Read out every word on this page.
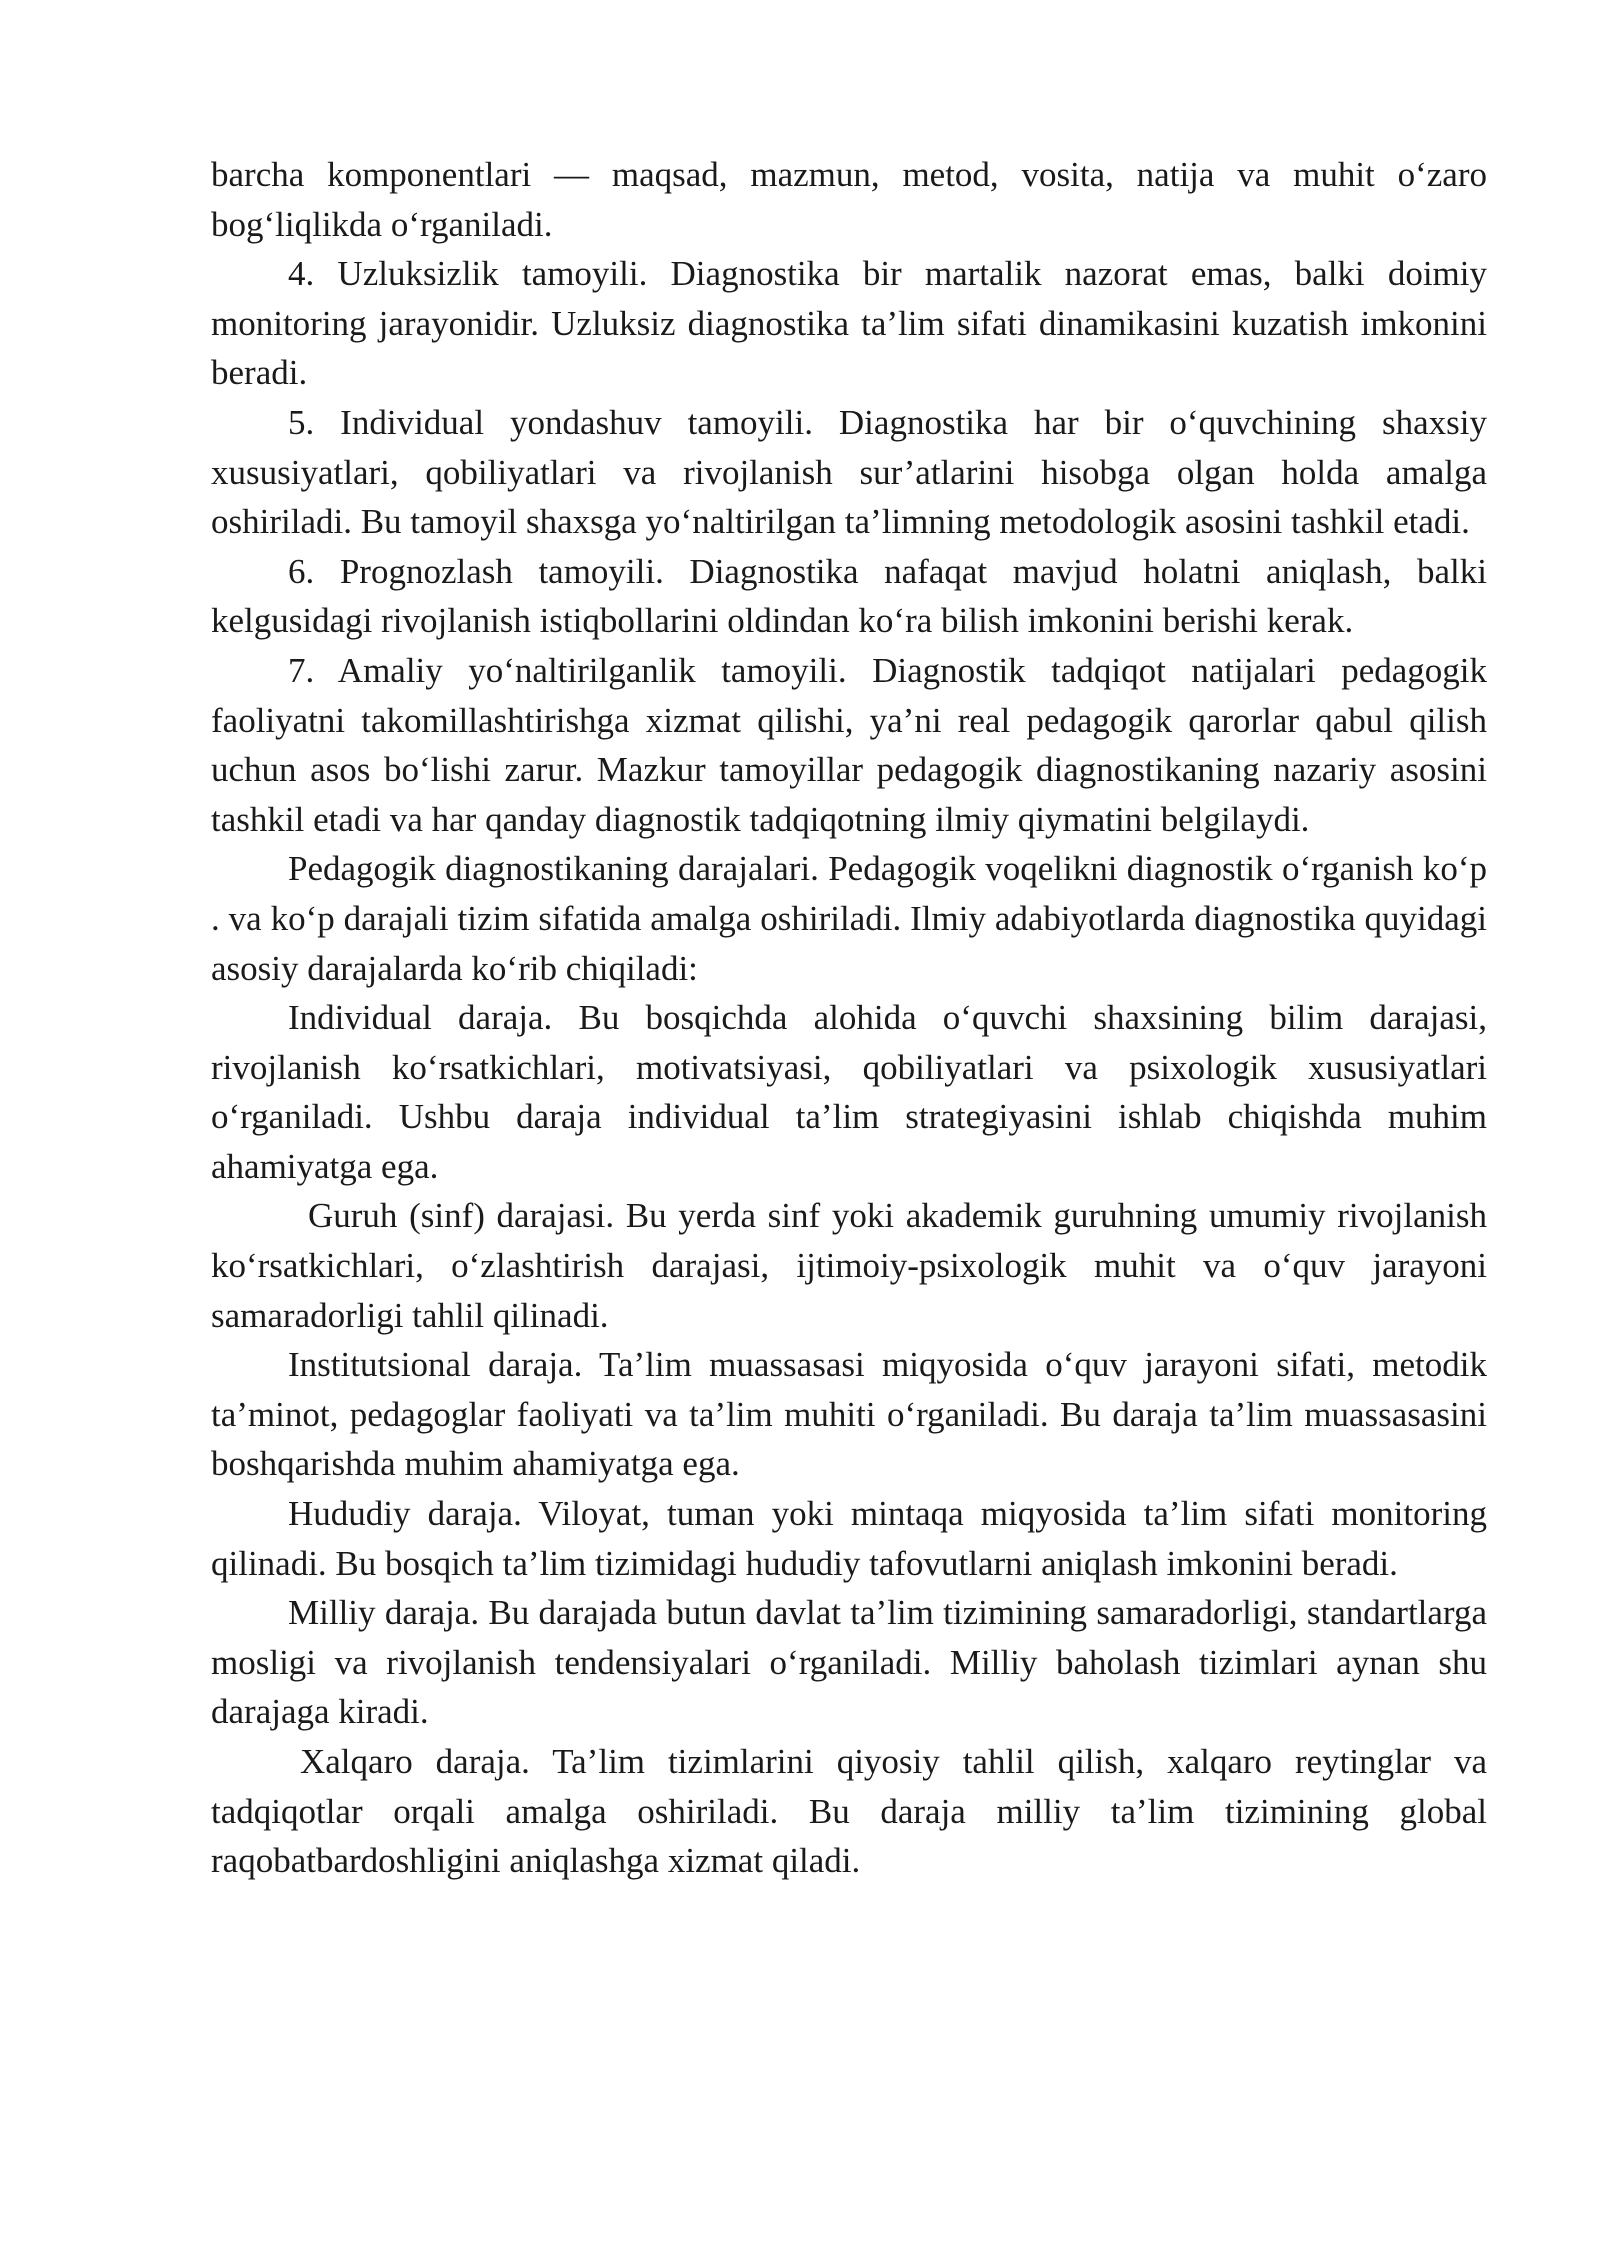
barcha komponentlari — maqsad, mazmun, metod, vosita, natija va muhit o‘zaro bog‘liqlikda o‘rganiladi.

4. Uzluksizlik tamoyili. Diagnostika bir martalik nazorat emas, balki doimiy monitoring jarayonidir. Uzluksiz diagnostika ta’lim sifati dinamikasini kuzatish imkonini beradi.

5. Individual yondashuv tamoyili. Diagnostika har bir o‘quvchining shaxsiy xususiyatlari, qobiliyatlari va rivojlanish sur’atlarini hisobga olgan holda amalga oshiriladi. Bu tamoyil shaxsga yo‘naltirilgan ta’limning metodologik asosini tashkil etadi.

6. Prognozlash tamoyili. Diagnostika nafaqat mavjud holatni aniqlash, balki kelgusidagi rivojlanish istiqbollarini oldindan ko‘ra bilish imkonini berishi kerak.

7. Amaliy yo‘naltirilganlik tamoyili. Diagnostik tadqiqot natijalari pedagogik faoliyatni takomillashtirishga xizmat qilishi, ya’ni real pedagogik qarorlar qabul qilish uchun asos bo‘lishi zarur. Mazkur tamoyillar pedagogik diagnostikaning nazariy asosini tashkil etadi va har qanday diagnostik tadqiqotning ilmiy qiymatini belgilaydi.

Pedagogik diagnostikaning darajalari. Pedagogik voqelikni diagnostik o‘rganish ko‘p . va ko‘p darajali tizim sifatida amalga oshiriladi. Ilmiy adabiyotlarda diagnostika quyidagi asosiy darajalarda ko‘rib chiqiladi:

Individual daraja. Bu bosqichda alohida o‘quvchi shaxsining bilim darajasi, rivojlanish ko‘rsatkichlari, motivatsiyasi, qobiliyatlari va psixologik xususiyatlari o‘rganiladi. Ushbu daraja individual ta’lim strategiyasini ishlab chiqishda muhim ahamiyatga ega.

Guruh (sinf) darajasi. Bu yerda sinf yoki akademik guruhning umumiy rivojlanish ko‘rsatkichlari, o‘zlashtirish darajasi, ijtimoiy-psixologik muhit va o‘quv jarayoni samaradorligi tahlil qilinadi.

Institutsional daraja. Ta’lim muassasasi miqyosida o‘quv jarayoni sifati, metodik ta’minot, pedagoglar faoliyati va ta’lim muhiti o‘rganiladi. Bu daraja ta’lim muassasasini boshqarishda muhim ahamiyatga ega.

Hududiy daraja. Viloyat, tuman yoki mintaqa miqyosida ta’lim sifati monitoring qilinadi. Bu bosqich ta’lim tizimidagi hududiy tafovutlarni aniqlash imkonini beradi.

Milliy daraja. Bu darajada butun davlat ta’lim tizimining samaradorligi, standartlarga mosligi va rivojlanish tendensiyalari o‘rganiladi. Milliy baholash tizimlari aynan shu darajaga kiradi.

Xalqaro daraja. Ta’lim tizimlarini qiyosiy tahlil qilish, xalqaro reytinglar va tadqiqotlar orqali amalga oshiriladi. Bu daraja milliy ta’lim tizimining global raqobatbardoshligini aniqlashga xizmat qiladi.
